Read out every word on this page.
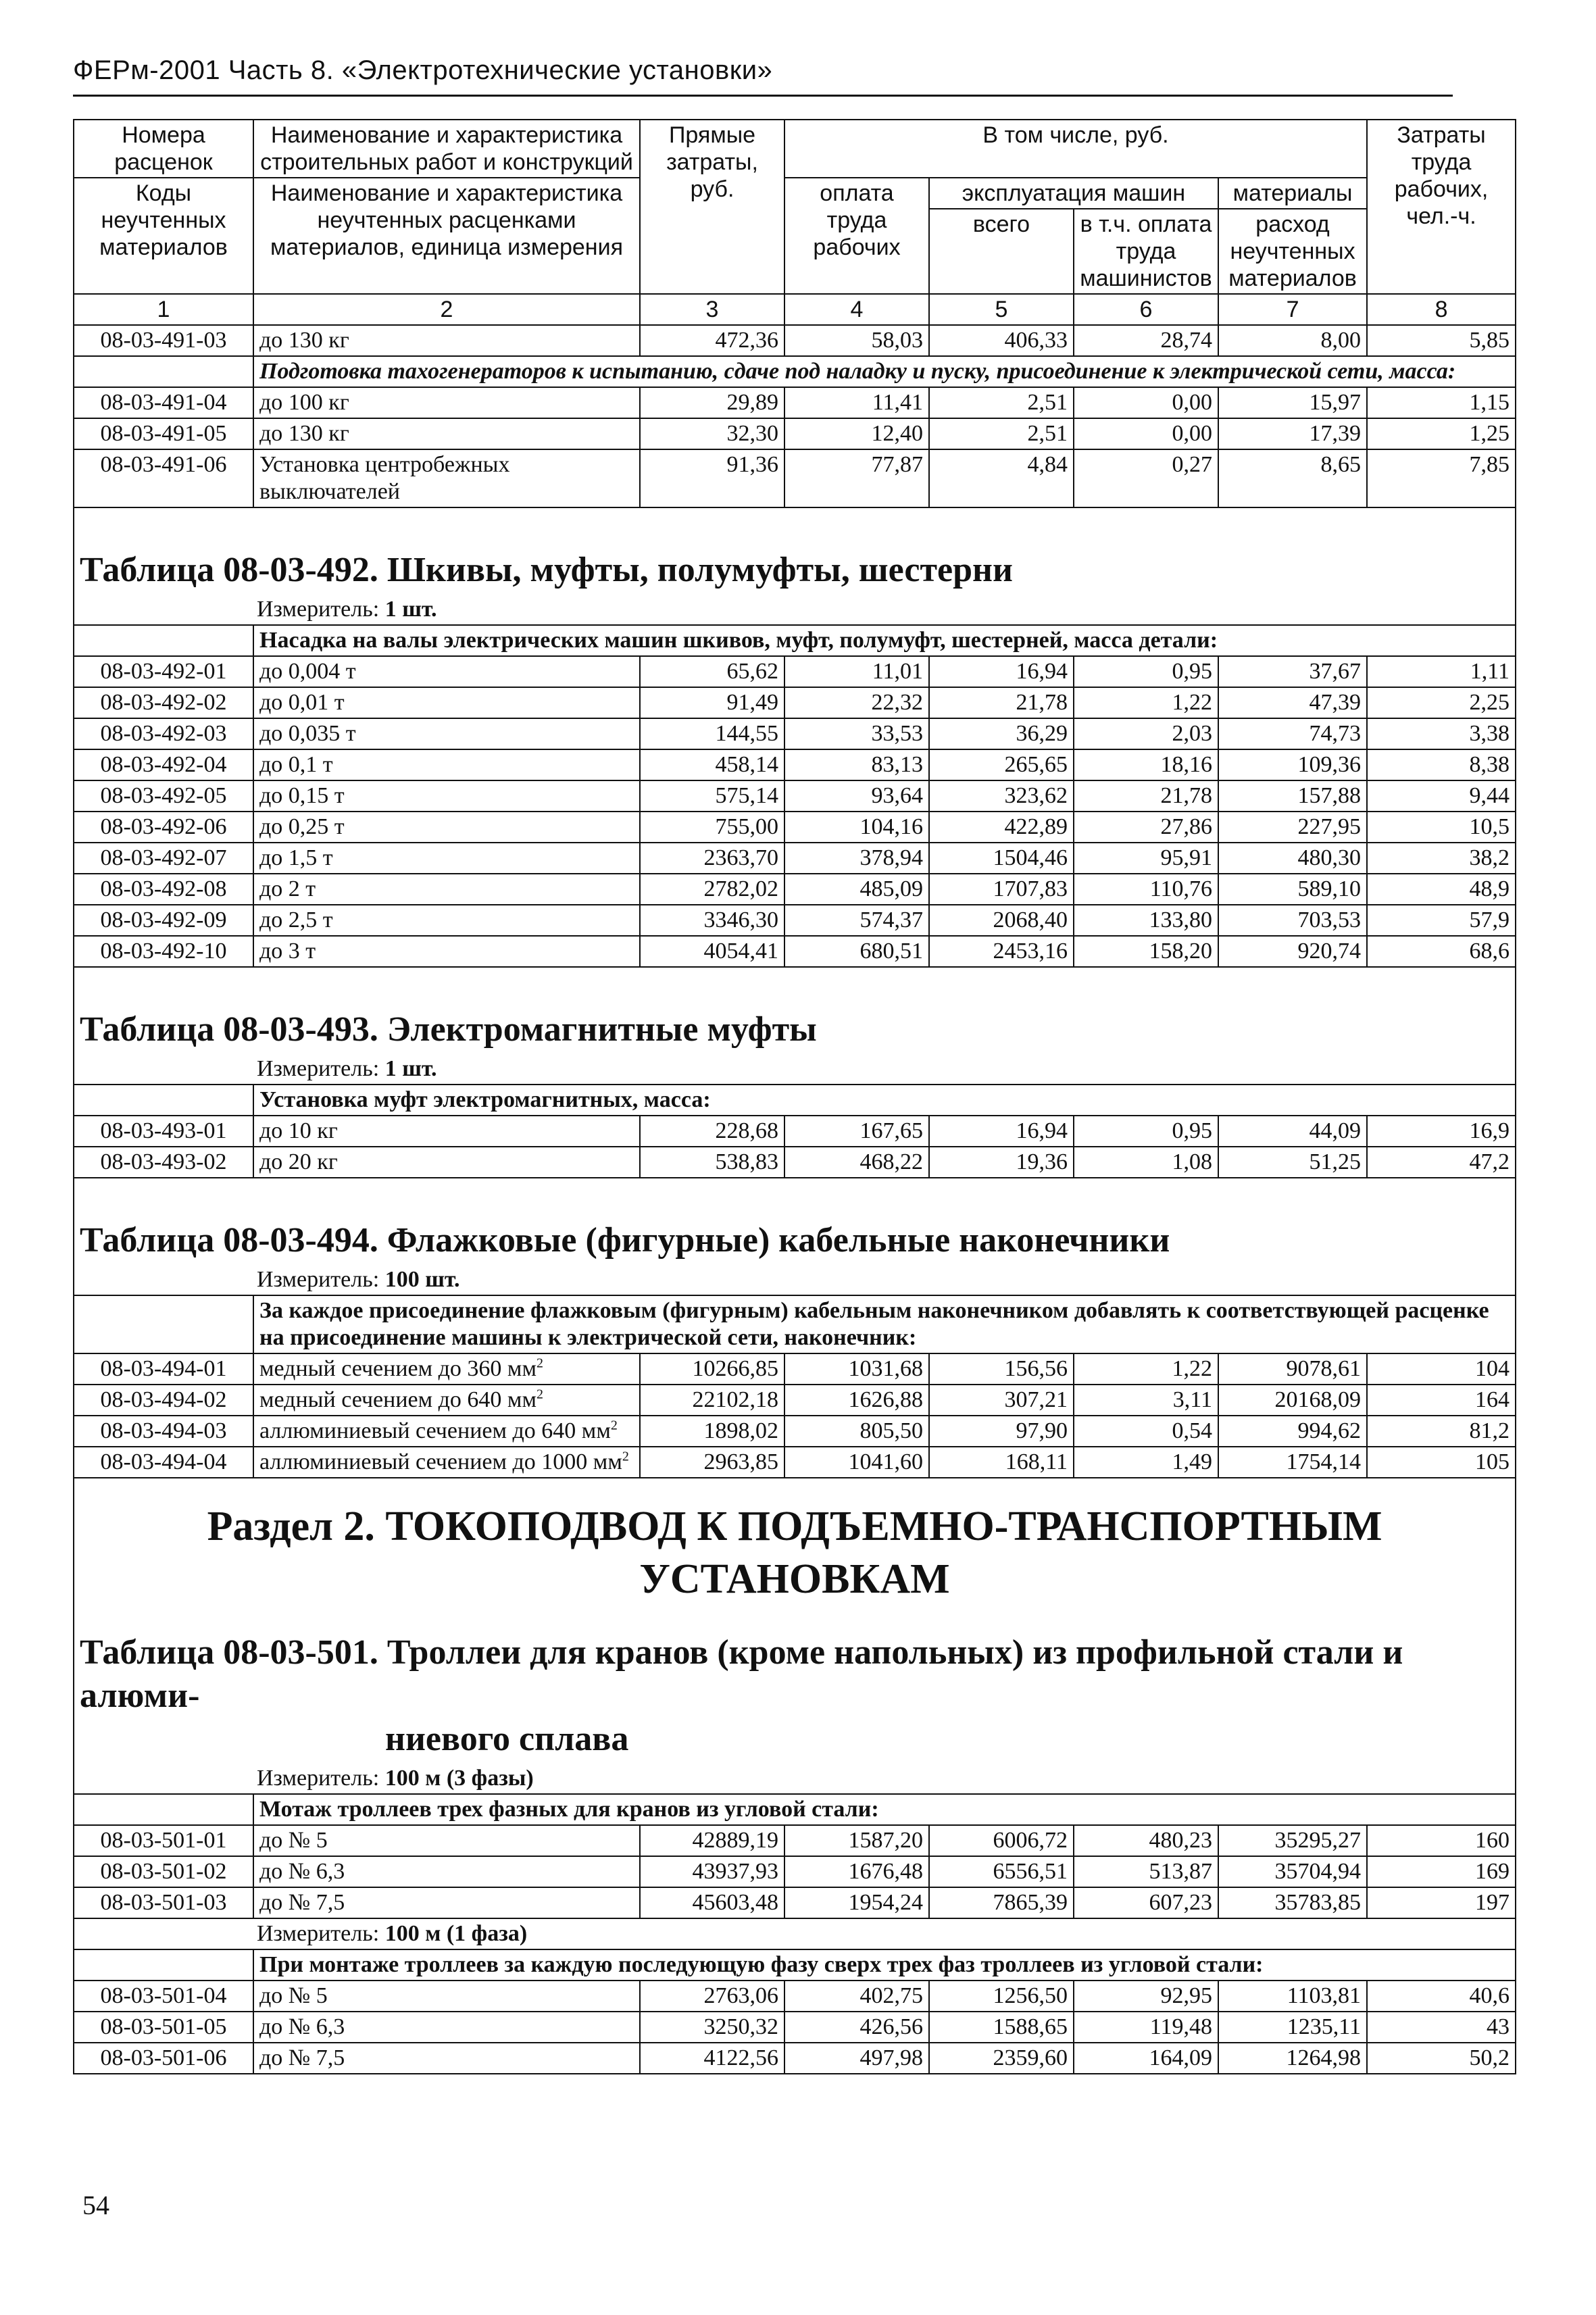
ФЕРм-2001 Часть 8. «Электротехнические установки»
Номера расценок	Наименование и характеристика строительных работ и конструкций	Прямые затраты, руб.	В том числе, руб.				Затраты труда рабочих, чел.-ч.
Коды неучтенных материалов	Наименование и характеристика неучтенных расценками материалов, единица измерения		оплата труда рабочих	эксплуатация машин		материалы	
				всего	в т.ч. оплата труда машинистов	расход неучтенных материалов	
1	2	3	4	5	6	7	8
08-03-491-03	до 130 кг	472,36	58,03	406,33	28,74	8,00	5,85
	Подготовка тахогенераторов к испытанию, сдаче под наладку и пуску, присоединение к электрической сети, масса:						
08-03-491-04	до 100 кг	29,89	11,41	2,51	0,00	15,97	1,15
08-03-491-05	до 130 кг	32,30	12,40	2,51	0,00	17,39	1,25
08-03-491-06	Установка центробежных выключателей	91,36	77,87	4,84	0,27	8,65	7,85

Таблица 08-03-492. Шкивы, муфты, полумуфты, шестерни							

Измеритель: 1 шт.							

	Насадка на валы электрических машин шкивов, муфт, полумуфт, шестерней, масса детали:						
08-03-492-01	до 0,004 т	65,62	11,01	16,94	0,95	37,67	1,11
08-03-492-02	до 0,01 т	91,49	22,32	21,78	1,22	47,39	2,25
08-03-492-03	до 0,035 т	144,55	33,53	36,29	2,03	74,73	3,38
08-03-492-04	до 0,1 т	458,14	83,13	265,65	18,16	109,36	8,38
08-03-492-05	до 0,15 т	575,14	93,64	323,62	21,78	157,88	9,44
08-03-492-06	до 0,25 т	755,00	104,16	422,89	27,86	227,95	10,5
08-03-492-07	до 1,5 т	2363,70	378,94	1504,46	95,91	480,30	38,2
08-03-492-08	до 2 т	2782,02	485,09	1707,83	110,76	589,10	48,9
08-03-492-09	до 2,5 т	3346,30	574,37	2068,40	133,80	703,53	57,9
08-03-492-10	до 3 т	4054,41	680,51	2453,16	158,20	920,74	68,6

Таблица 08-03-493. Электромагнитные муфты							

Измеритель: 1 шт.							

	Установка муфт электромагнитных, масса:						
08-03-493-01	до 10 кг	228,68	167,65	16,94	0,95	44,09	16,9
08-03-493-02	до 20 кг	538,83	468,22	19,36	1,08	51,25	47,2

Таблица 08-03-494. Флажковые (фигурные) кабельные наконечники							

Измеритель: 100 шт.							

	За каждое присоединение флажковым (фигурным) кабельным наконечником добавлять к соответствующей расценке на присоединение машины к электрической сети, наконечник:						
08-03-494-01	медный сечением до 360 $мм^2$	10266,85	1031,68	156,56	1,22	9078,61	104
08-03-494-02	медный сечением до 640 $мм^2$	22102,18	1626,88	307,21	3,11	20168,09	164
08-03-494-03	аллюминиевый сечением до 640 $мм^2$	1898,02	805,50	97,90	0,54	994,62	81,2
08-03-494-04	аллюминиевый сечением до 1000 $мм^2$	2963,85	1041,60	168,11	1,49	1754,14	105

Раздел 2. ТОКОПОДВОД К ПОДЪЕМНО-ТРАНСПОРТНЫМ УСТАНОВКАМ							

Таблица 08-03-501. Троллеи для кранов (кроме напольных) из профильной стали и алюми-
ниевого сплава							

Измеритель: 100 м (3 фазы)							

	Мотаж троллеев трех фазных для кранов из угловой стали:						
08-03-501-01	до № 5	42889,19	1587,20	6006,72	480,23	35295,27	160
08-03-501-02	до № 6,3	43937,93	1676,48	6556,51	513,87	35704,94	169
08-03-501-03	до № 7,5	45603,48	1954,24	7865,39	607,23	35783,85	197

Измеритель: 100 м (1 фаза)							

	При монтаже троллеев за каждую последующую фазу сверх трех фаз троллеев из угловой стали:						
08-03-501-04	до № 5	2763,06	402,75	1256,50	92,95	1103,81	40,6
08-03-501-05	до № 6,3	3250,32	426,56	1588,65	119,48	1235,11	43
08-03-501-06	до № 7,5	4122,56	497,98	2359,60	164,09	1264,98	50,2
54
